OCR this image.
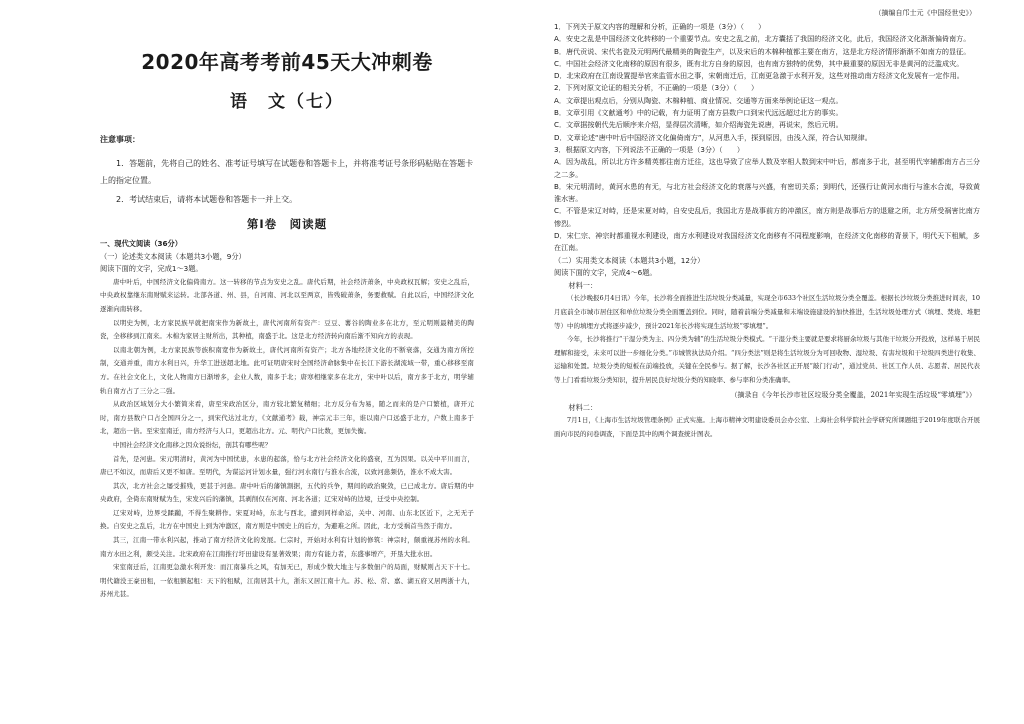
2020年高考考前45天大冲刺卷
语　文（七）
注意事项：

1．答题前，先将自己的姓名、准考证号填写在试题卷和答题卡上，并将准考证号条形码粘贴在答题卡上的指定位置。

2．考试结束后，请将本试题卷和答题卡一并上交。

第Ⅰ卷　阅读题

一、现代文阅读（36分）

（一）论述类文本阅读（本题共3小题，9分）

阅读下面的文字，完成1～3题。

唐中叶后，中国经济文化偏倚南方。这一转移的节点为安史之乱。唐代后期，社会经济萧条，中央政权瓦解；安史之乱后，中央政权靠继东南财赋来运转。北部各道、州、县，自河南、河北以至两京，皆残破萧条，务要救赋。自此以后，中国经济文化逐渐向南转移。

以明史为例，北方家民族早就把南宋作为新故土，唐代河南所有资产：豆豆、薯谷的陶业多在北方，至元明则最精美的陶瓷，全移移到江南来。木棉为家居主财所出，其种植，南盛于北。这是北方经济转向南后渐不知向方的表现。

以南北朝为例，北方家民族等族积南宽作为新故土，唐代河南所有资产；北方各地经济文化的不断衰落，交通为南方所控制，交通并重，南方水利日兴，升华工进送超北地。此可证明唐宋时全国经济命脉集中在长江下游长湖流域一带，重心移移至南方。在社会文化上，文化人物南方日渐增多，企业人数，南多于北；唐寒相继家多在北方，宋中叶以后，南方多于北方，明学辅轨自南方占了三分之二强。

从政治区域划分大小繁简来看，唐至宋政治区分，南方较北繁复精细；北方反分布为易，随之而来的是户口繁植，唐开元时，南方县数户口占全国四分之一，到宋代达过北方，《文献通考》载，神宗元丰三年，谁以南户口远盛于北方，户数上南多于北，超出一倍。至宋室南迁，南方经济与人口，更超出北方。元、明代户口比数，更加失衡。

中国社会经济文化南移之因众说纷纭，剖其有哪些呢？

首先，是河患。宋元明清时，黄河为中国忧患，水患的起落，恰与北方社会经济文化的盛衰，互为因果。以关中平川而言，唐已不如汉，而唐后又更不如唐。至明代，为谋运河计划水量，强行河水南行与淮水合流，以致河患频仍，淮水不成大害。

其次，北方社会之屡受摧残，更甚于河患。唐中叶后的藩镇割据，五代的兵争，期间的政治聚敛，已已成北方。唐后期的中央政府，全倚东南财赋为生，宋发兴后的藩镇，其剥削仅在河南、河北各道；辽宋对峙的边境，迁受中央控制。

辽宋对峙，边界受蹂躏，不得生聚耕作。宋夏对峙，东北与西北，遭到同样命运，关中、河南、山东北区近下，之无无子换。自安史之乱后，北方在中国史上到为冲激区，南方则是中国史上的后方，为避难之所。因此，北方受祸首当然于南方。

其三，江南一带水利兴起，推动了南方经济文化的发展。仁宗时，开始对水利有计划的修筑：神宗时，颇重视苏州的水利。南方水田之利，颇受关注。北宋政府在江南推行圩田建设有显著效果；南方有能力者，东盛事增产，开垦大批水田。

宋室南迁后，江南更急激水利开发：而江南暴兵之风，有加无已，形成少数大地主与多数佃户的局面，财赋则占天下十七。明代籍没王豪田租，一依租额起租：天下的租赋，江南居其十九，浙东又居江南十九。苏、松、常、嘉、湖五府又居两浙十九，苏州尤甚。

（摘编自邝士元《中国经世史》）

1．下列关于原文内容的理解和分析，正确的一项是（3分）（　　）

A．安史之乱是中国经济文化转移的一个重要节点。安史之乱之前，北方囊括了我国的经济文化，此后，我国经济文化渐渐偏倚南方。

B．唐代贡说、宋代名瓷及元明两代最精美的陶瓷生产，以及宋后的木棉种植都主要在南方，这是北方经济情形渐渐不如南方的显征。

C．中国社会经济文化南移的原因有很多，既有北方自身的原因，也有南方独特的优势，其中最重要的原因无非是黄河的泛滥成灾。

D．北宋政府在江南设置提举官来监管水田之事，宋朝南迁后，江南更急激于水利开发，这些对推动南方经济文化发展有一定作用。

2．下列对原文论证的相关分析，不正确的一项是（3分）（　　）

A．文章提出观点后，分别从陶瓷、木棉种植、商业情况、交通等方面来举例论证这一观点。

B．文章引用《文献通考》中的记载，有力证明了南方县数户口到宋代远远超过北方的事实。

C．文章据按朝代先后顺序来介绍，显得层次清晰，如介绍海瓷先说唐，再说宋，然后元明。

D．文章论述“唐中叶后中国经济文化偏倚南方”，从河患入手，探到原因，由浅入深，符合认知规律。

3．根据原文内容，下列说法不正确的一项是（3分）（　　）

A．因为战乱，所以北方许多精英都往南方迁往，这也导致了应举人数及宰相人数到宋中叶后，都南多于北，甚至明代宰辅都南方占三分之二多。

B．宋元明清时，黄河水患的有无，与北方社会经济文化的衰落与兴盛，有密切关系；到明代，还强行让黄河水南行与淮水合流，导致黄淮水害。

C．不管是宋辽对峙，还是宋夏对峙，自安史乱后，我国北方是战事前方的冲激区，南方则是战事后方的退避之所，北方所受祸害比南方惨烈。

D．宋仁宗、神宗时都重视水利建设，南方水利建设对我国经济文化南移有不同程度影响，在经济文化南移的背景下，明代天下租赋，多在江南。

（二）实用类文本阅读（本题共3小题，12分）

阅读下面的文字，完成4～6题。

材料一：

（长沙晚报6月4日讯）今年，长沙将全面推进生活垃圾分类减量，实现全市633个社区生活垃圾分类全覆盖。根据长沙垃圾分类推进时间表，10月底前全市城市居住区和单位垃圾分类全面覆盖到位。同时，随着前端分类减量和末端设施建设的加快推进，生活垃圾处理方式（填埋、焚烧、堆肥等）中的填埋方式将逐步减少，预计2021年长沙将实现生活垃圾“零填埋”。

今年，长沙将推行“干湿分类为主、四分类为辅”的生活垃圾分类模式。“干湿分类主要就是要求将厨余垃圾与其他干垃圾分开投放，这样易于居民理解和接受，未来可以进一步细化分类。”市城管执法局介绍。“四分类法”则是将生活垃圾分为可回收物、湿垃圾、有害垃圾和干垃圾四类进行收集、运输和处置。垃圾分类的短板在前端投放，关键在全民参与。据了解，长沙各社区正开展“敲门行动”，通过党员、社区工作人员、志愿者、居民代表等上门看看垃圾分类知识，提升居民良好垃圾分类的知晓率、参与率和分类准确率。

（摘录自《今年长沙市社区垃圾分类全覆盖，2021年实现生活垃圾“零填埋”》）

材料二：

7月1日，《上海市生活垃圾管理条例》正式实施。上海市精神文明建设委员会办公室、上海社会科学院社会学研究所课题组于2019年度联合开展面向市民的问卷调查，下面是其中的两个调查统计图表。
